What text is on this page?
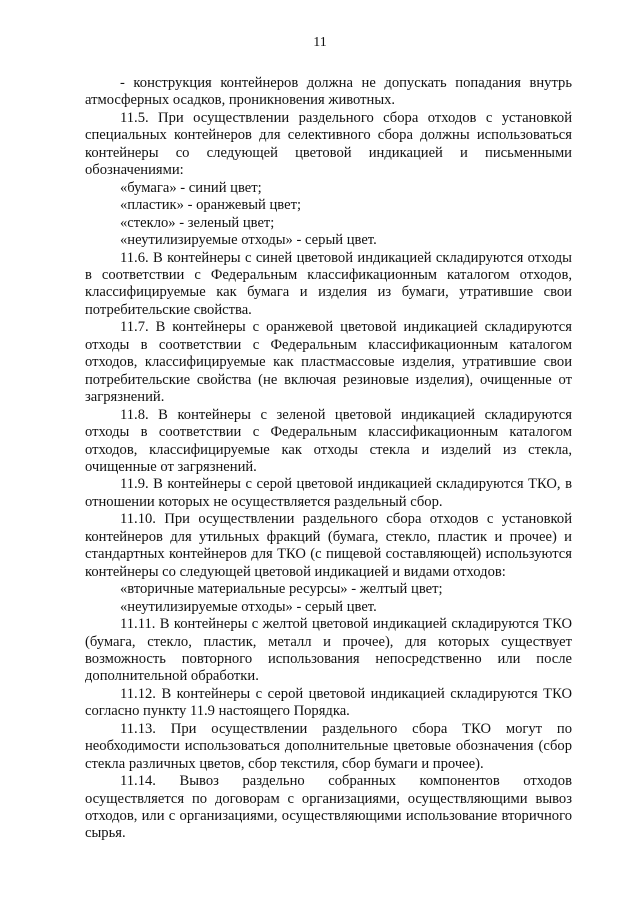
11

- конструкция контейнеров должна не допускать попадания внутрь атмосферных осадков, проникновения животных.

11.5. При осуществлении раздельного сбора отходов с установкой специальных контейнеров для селективного сбора должны использоваться контейнеры со следующей цветовой индикацией и письменными обозначениями:

«бумага» - синий цвет;

«пластик» - оранжевый цвет;

«стекло» - зеленый цвет;

«неутилизируемые отходы» - серый цвет.

11.6. В контейнеры с синей цветовой индикацией складируются отходы в соответствии с Федеральным классификационным каталогом отходов, классифицируемые как бумага и изделия из бумаги, утратившие свои потребительские свойства.

11.7. В контейнеры с оранжевой цветовой индикацией складируются отходы в соответствии с Федеральным классификационным каталогом отходов, классифицируемые как пластмассовые изделия, утратившие свои потребительские свойства (не включая резиновые изделия), очищенные от загрязнений.

11.8. В контейнеры с зеленой цветовой индикацией складируются отходы в соответствии с Федеральным классификационным каталогом отходов, классифицируемые как отходы стекла и изделий из стекла, очищенные от загрязнений.

11.9. В контейнеры с серой цветовой индикацией складируются ТКО, в отношении которых не осуществляется раздельный сбор.

11.10. При осуществлении раздельного сбора отходов с установкой контейнеров для утильных фракций (бумага, стекло, пластик и прочее) и стандартных контейнеров для ТКО (с пищевой составляющей) используются контейнеры со следующей цветовой индикацией и видами отходов:

«вторичные материальные ресурсы» - желтый цвет;

«неутилизируемые отходы» - серый цвет.

11.11. В контейнеры с желтой цветовой индикацией складируются ТКО (бумага, стекло, пластик, металл и прочее), для которых существует возможность повторного использования непосредственно или после дополнительной обработки.

11.12. В контейнеры с серой цветовой индикацией складируются ТКО согласно пункту 11.9 настоящего Порядка.

11.13. При осуществлении раздельного сбора ТКО могут по необходимости использоваться дополнительные цветовые обозначения (сбор стекла различных цветов, сбор текстиля, сбор бумаги и прочее).

11.14. Вывоз раздельно собранных компонентов отходов осуществляется по договорам с организациями, осуществляющими вывоз отходов, или с организациями, осуществляющими использование вторичного сырья.
